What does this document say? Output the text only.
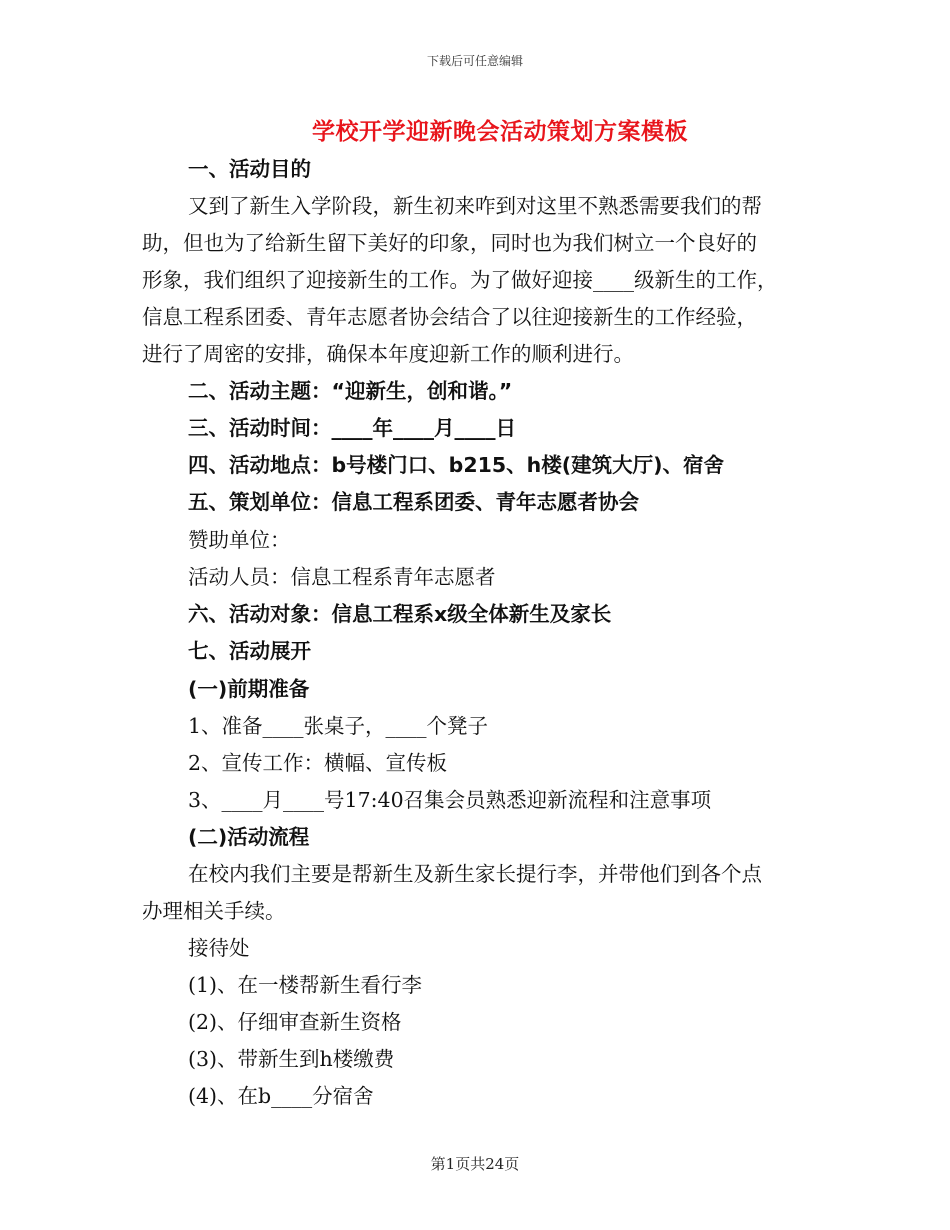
下载后可任意编辑
学校开学迎新晚会活动策划方案模板
一、活动目的
又到了新生入学阶段，新生初来咋到对这里不熟悉需要我们的帮
助，但也为了给新生留下美好的印象，同时也为我们树立一个良好的
形象，我们组织了迎接新生的工作。为了做好迎接____级新生的工作，
信息工程系团委、青年志愿者协会结合了以往迎接新生的工作经验，
进行了周密的安排，确保本年度迎新工作的顺利进行。
二、活动主题：“迎新生，创和谐。”
三、活动时间：____年____月____日
四、活动地点：b号楼门口、b215、h楼(建筑大厅)、宿舍
五、策划单位：信息工程系团委、青年志愿者协会
赞助单位：
活动人员：信息工程系青年志愿者
六、活动对象：信息工程系x级全体新生及家长
七、活动展开
(一)前期准备
1、准备____张桌子，____个凳子
2、宣传工作：横幅、宣传板
3、____月____号17:40召集会员熟悉迎新流程和注意事项
(二)活动流程
在校内我们主要是帮新生及新生家长提行李，并带他们到各个点
办理相关手续。
接待处
(1)、在一楼帮新生看行李
(2)、仔细审查新生资格
(3)、带新生到h楼缴费
(4)、在b____分宿舍
第1页共24页
